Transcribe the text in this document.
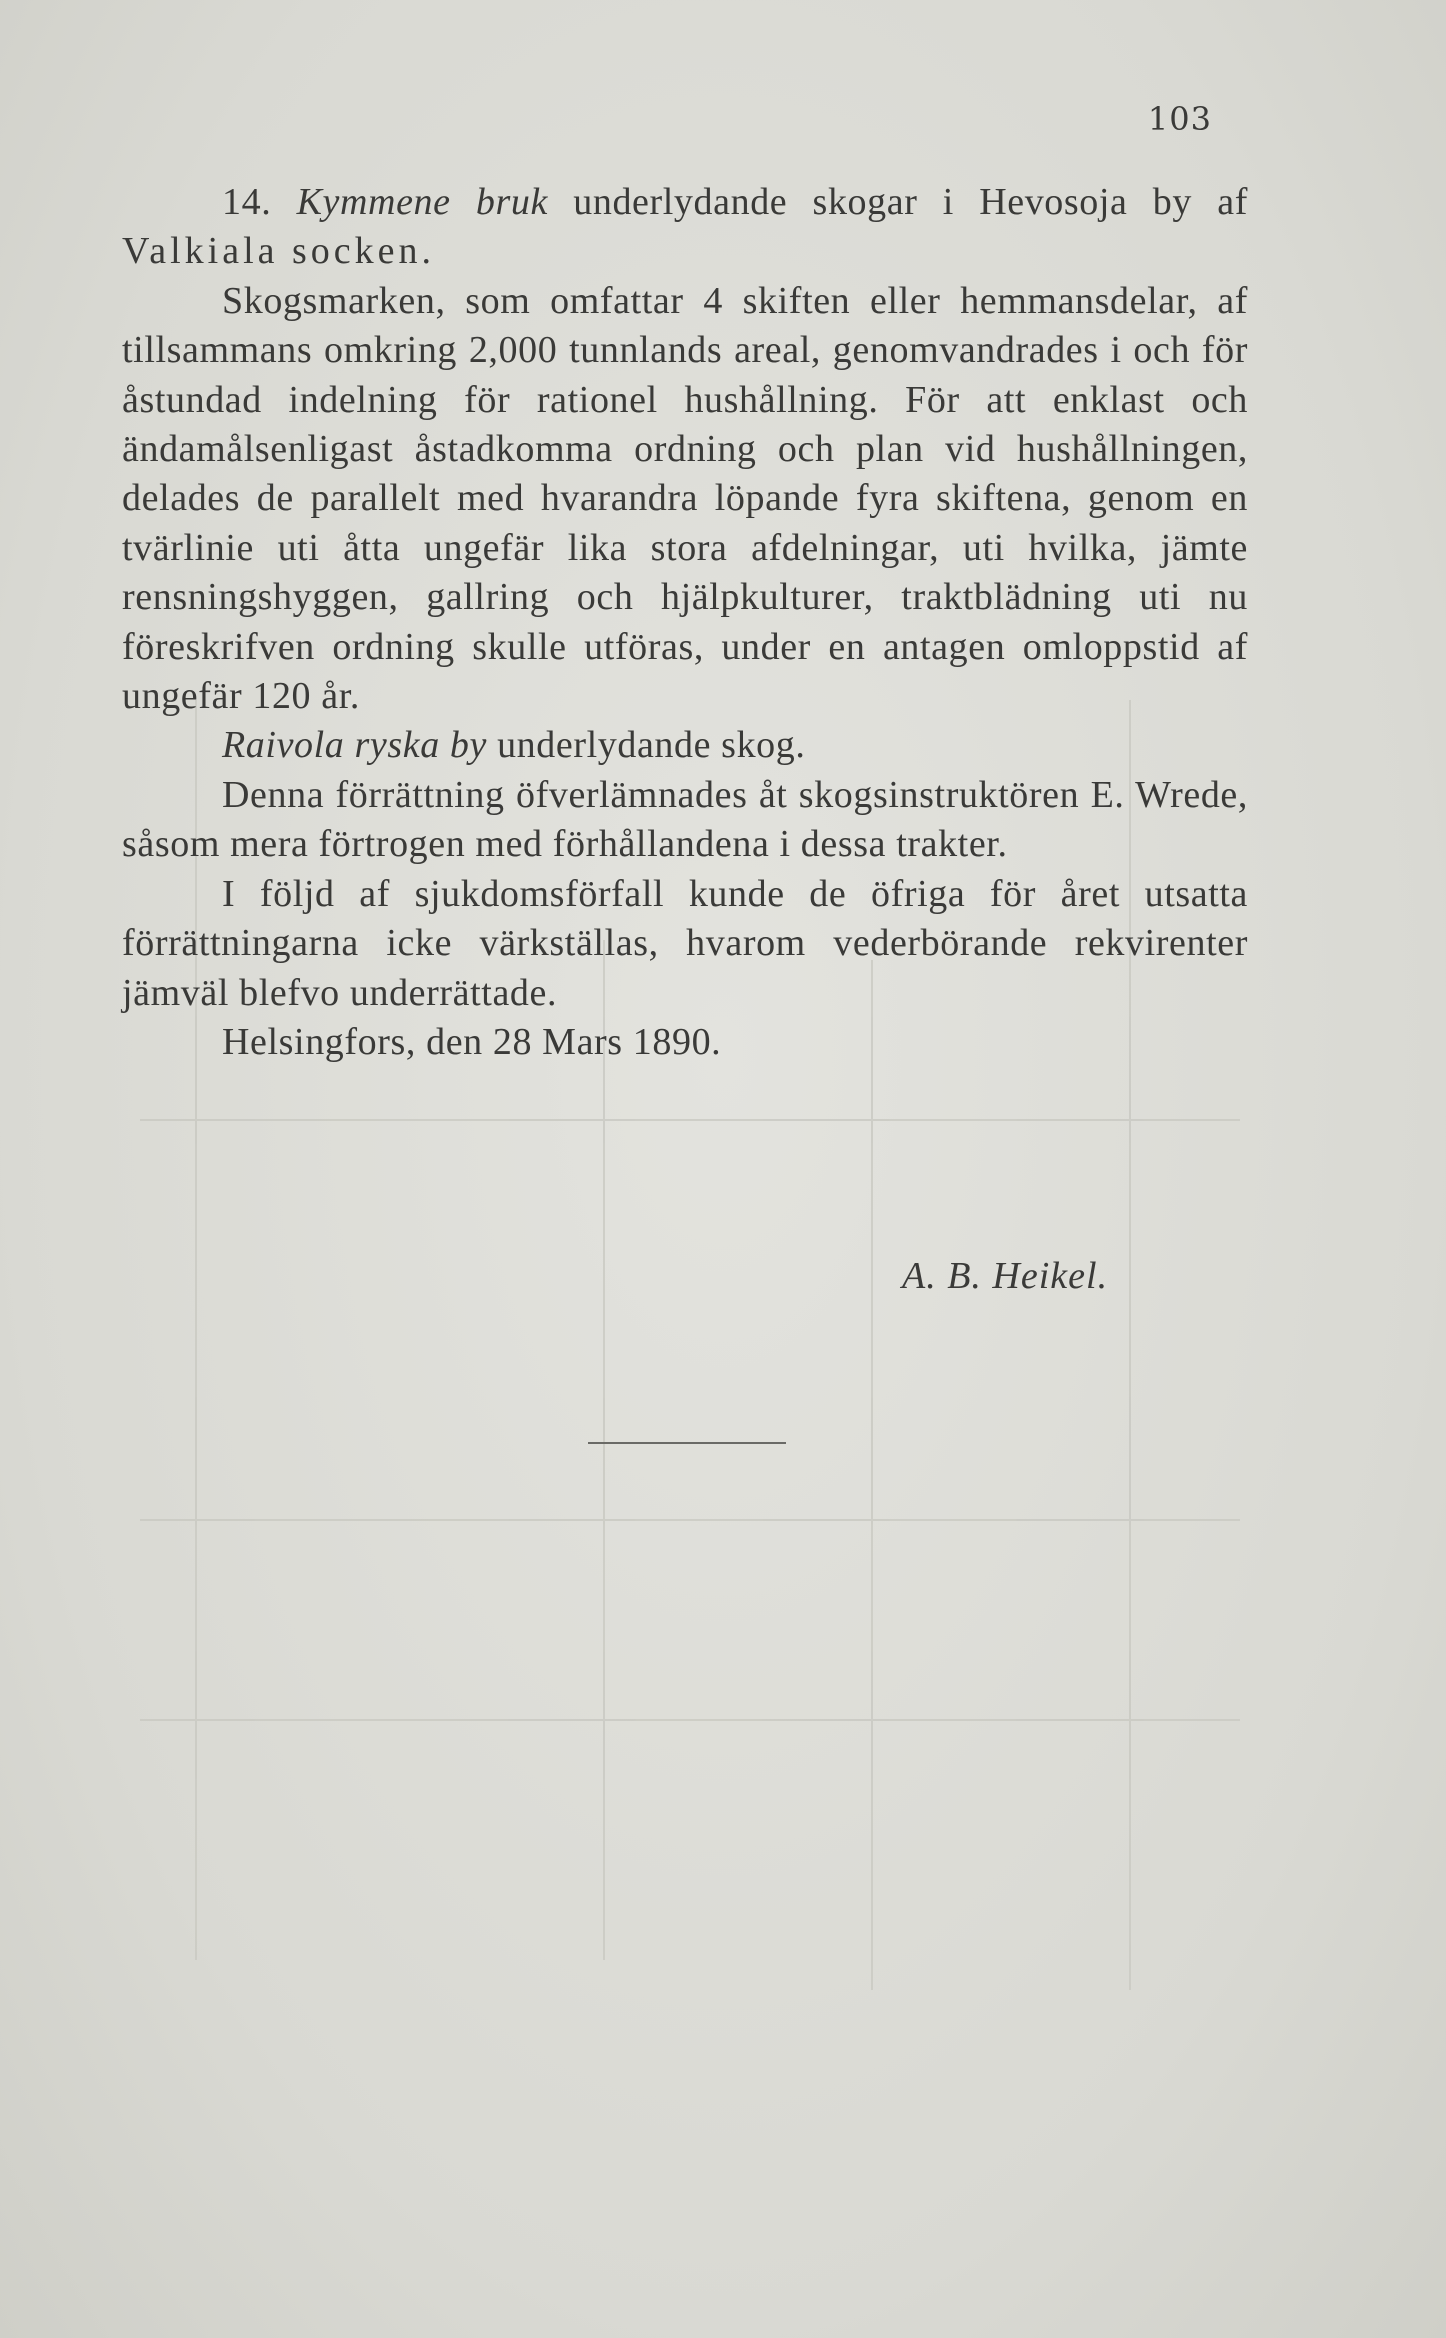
103

14. Kymmene bruk underlydande skogar i Hevosoja by af Valkiala socken.

Skogsmarken, som omfattar 4 skiften eller hemmansdelar, af tillsammans omkring 2,000 tunnlands areal, genomvandrades i och för åstundad indelning för rationel hushållning. För att enklast och ändamålsenligast åstadkomma ordning och plan vid hushållningen, delades de parallelt med hvarandra löpande fyra skiftena, genom en tvärlinie uti åtta ungefär lika stora afdelningar, uti hvilka, jämte rensningshyggen, gallring och hjälpkulturer, traktblädning uti nu föreskrifven ordning skulle utföras, under en antagen omloppstid af ungefär 120 år.

Raivola ryska by underlydande skog.

Denna förrättning öfverlämnades åt skogsinstruktören E. Wrede, såsom mera förtrogen med förhållandena i dessa trakter.

I följd af sjukdomsförfall kunde de öfriga för året utsatta förrättningarna icke värkställas, hvarom vederbörande rekvirenter jämväl blefvo underrättade.

Helsingfors, den 28 Mars 1890.

A. B. Heikel.
